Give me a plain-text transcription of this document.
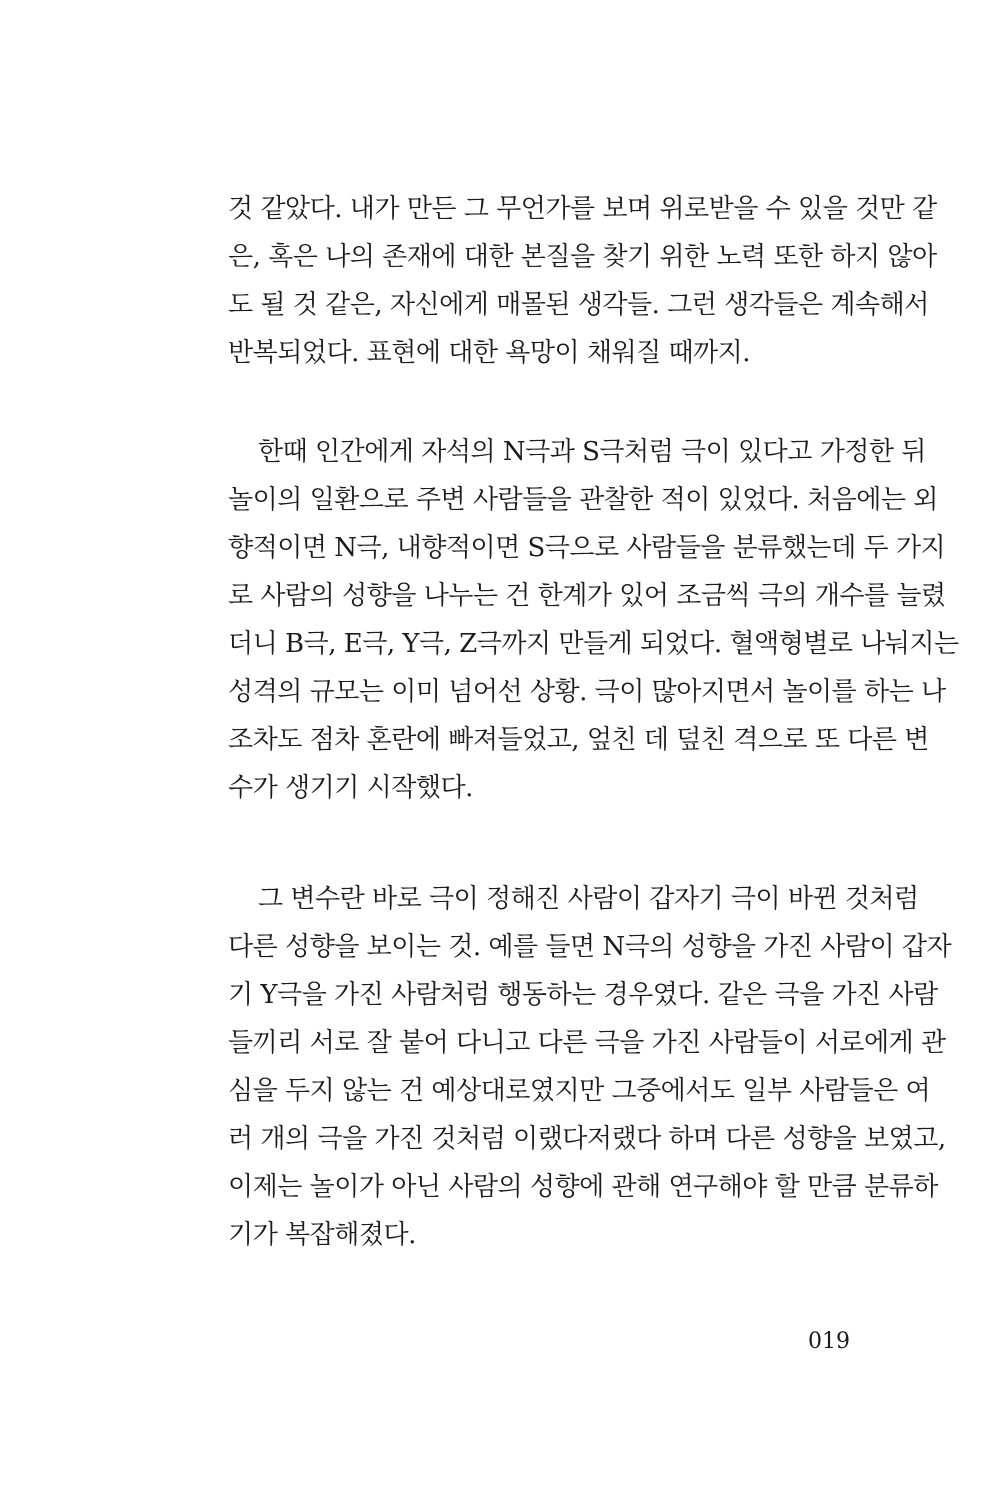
것 같았다. 내가 만든 그 무언가를 보며 위로받을 수 있을 것만 같
은, 혹은 나의 존재에 대한 본질을 찾기 위한 노력 또한 하지 않아
도 될 것 같은, 자신에게 매몰된 생각들. 그런 생각들은 계속해서
반복되었다. 표현에 대한 욕망이 채워질 때까지.
한때 인간에게 자석의 N극과 S극처럼 극이 있다고 가정한 뒤
놀이의 일환으로 주변 사람들을 관찰한 적이 있었다. 처음에는 외
향적이면 N극, 내향적이면 S극으로 사람들을 분류했는데 두 가지
로 사람의 성향을 나누는 건 한계가 있어 조금씩 극의 개수를 늘렸
더니 B극, E극, Y극, Z극까지 만들게 되었다. 혈액형별로 나눠지는
성격의 규모는 이미 넘어선 상황. 극이 많아지면서 놀이를 하는 나
조차도 점차 혼란에 빠져들었고, 엎친 데 덮친 격으로 또 다른 변
수가 생기기 시작했다.
그 변수란 바로 극이 정해진 사람이 갑자기 극이 바뀐 것처럼
다른 성향을 보이는 것. 예를 들면 N극의 성향을 가진 사람이 갑자
기 Y극을 가진 사람처럼 행동하는 경우였다. 같은 극을 가진 사람
들끼리 서로 잘 붙어 다니고 다른 극을 가진 사람들이 서로에게 관
심을 두지 않는 건 예상대로였지만 그중에서도 일부 사람들은 여
러 개의 극을 가진 것처럼 이랬다저랬다 하며 다른 성향을 보였고,
이제는 놀이가 아닌 사람의 성향에 관해 연구해야 할 만큼 분류하
기가 복잡해졌다.
019
